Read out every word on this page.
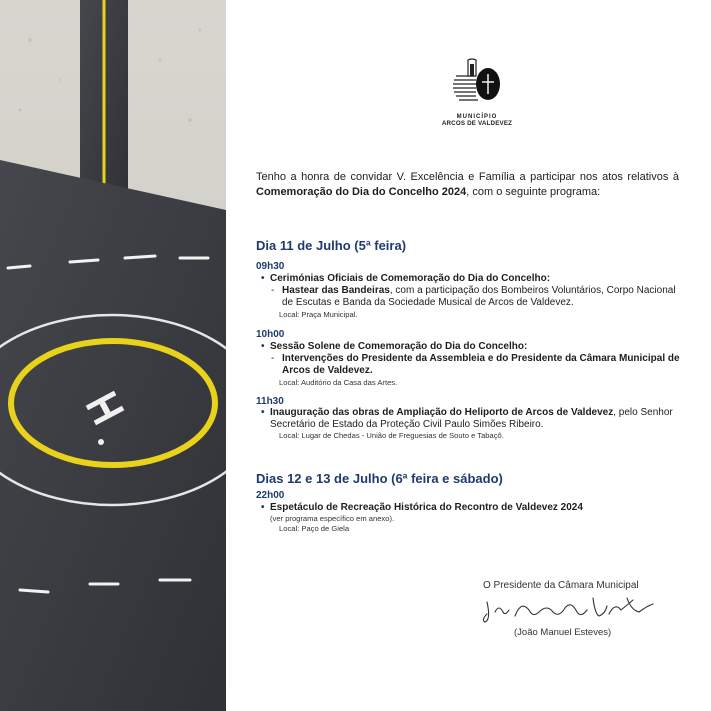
MUNICÍPIO
ARCOS DE VALDEVEZ
Tenho a honra de convidar V. Excelência e Família a participar nos atos relativos à Comemoração do Dia do Concelho 2024, com o seguinte programa:
Dia 11 de Julho (5ª feira)
09h30
• Cerimónias Oficiais de Comemoração do Dia do Concelho:
- Hastear das Bandeiras, com a participação dos Bombeiros Voluntários, Corpo Nacional de Escutas e Banda da Sociedade Musical de Arcos de Valdevez.
Local: Praça Municipal.
10h00
• Sessão Solene de Comemoração do Dia do Concelho:
- Intervenções do Presidente da Assembleia e do Presidente da Câmara Municipal de Arcos de Valdevez.
Local: Auditório da Casa das Artes.
11h30
• Inauguração das obras de Ampliação do Heliporto de Arcos de Valdevez, pelo Senhor Secretário de Estado da Proteção Civil Paulo Simões Ribeiro.
Local: Lugar de Chedas - União de Freguesias de Souto e Tabaçô.
Dias 12 e 13 de Julho (6ª feira e sábado)
22h00
• Espetáculo de Recreação Histórica do Recontro de Valdevez 2024
(ver programa específico em anexo).
Local: Paço de Giela
O Presidente da Câmara Municipal
(João Manuel Esteves)
